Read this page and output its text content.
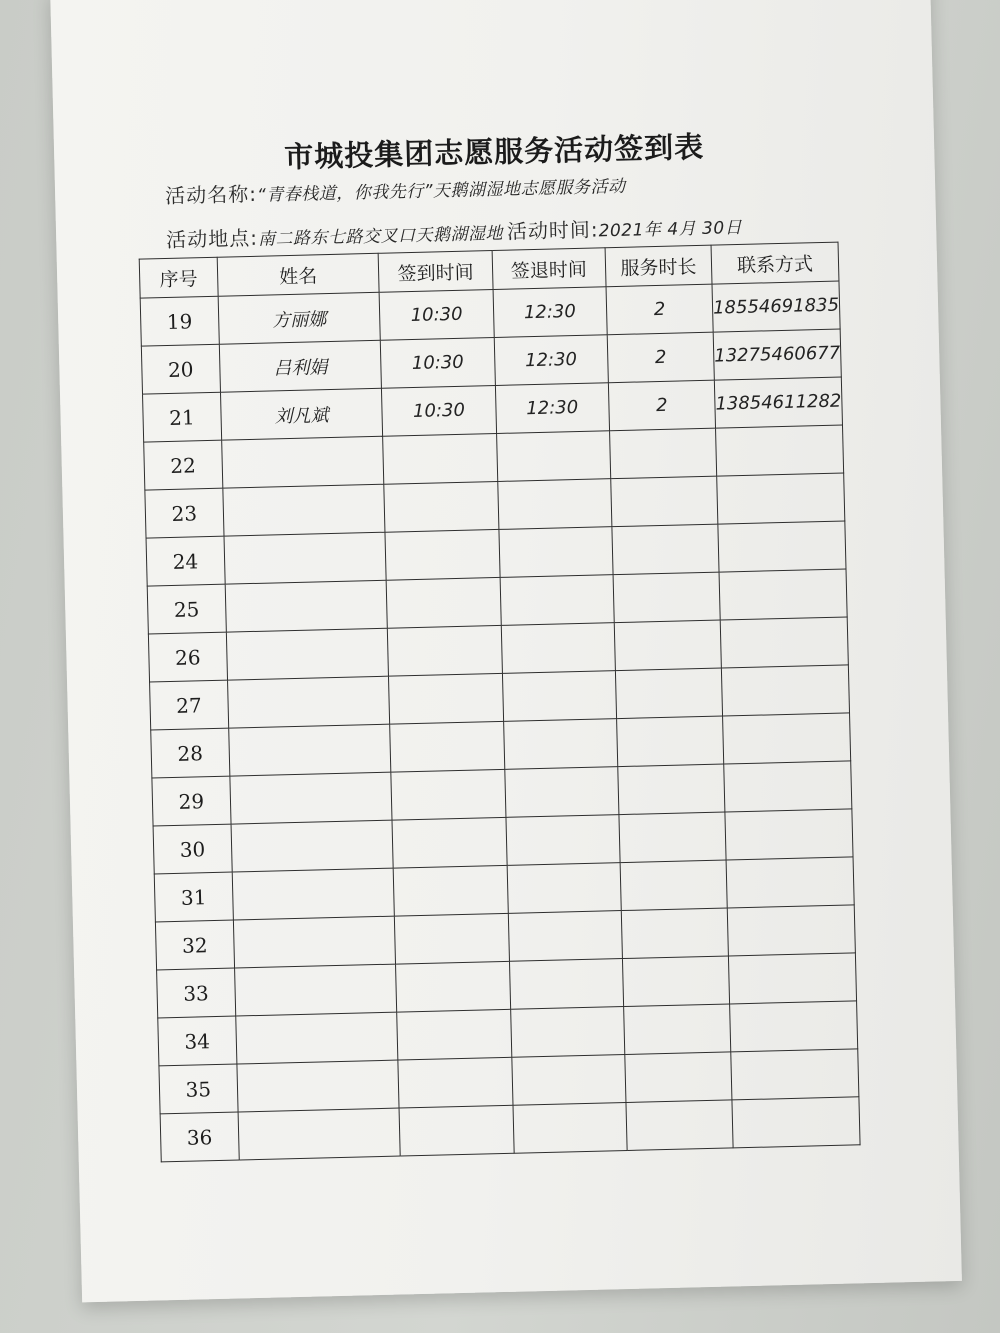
市城投集团志愿服务活动签到表
活动名称:“青春栈道，你我先行”天鹅湖湿地志愿服务活动
活动地点:南二路东七路交叉口天鹅湖湿地 活动时间:2021年 4月 30日
序号	姓名	签到时间	签退时间	服务时长	联系方式
19	方丽娜	10:30	12:30	2	18554691835
20	吕利娟	10:30	12:30	2	13275460677
21	刘凡斌	10:30	12:30	2	13854611282
22					
23					
24					
25					
26					
27					
28					
29					
30					
31					
32					
33					
34					
35					
36					
